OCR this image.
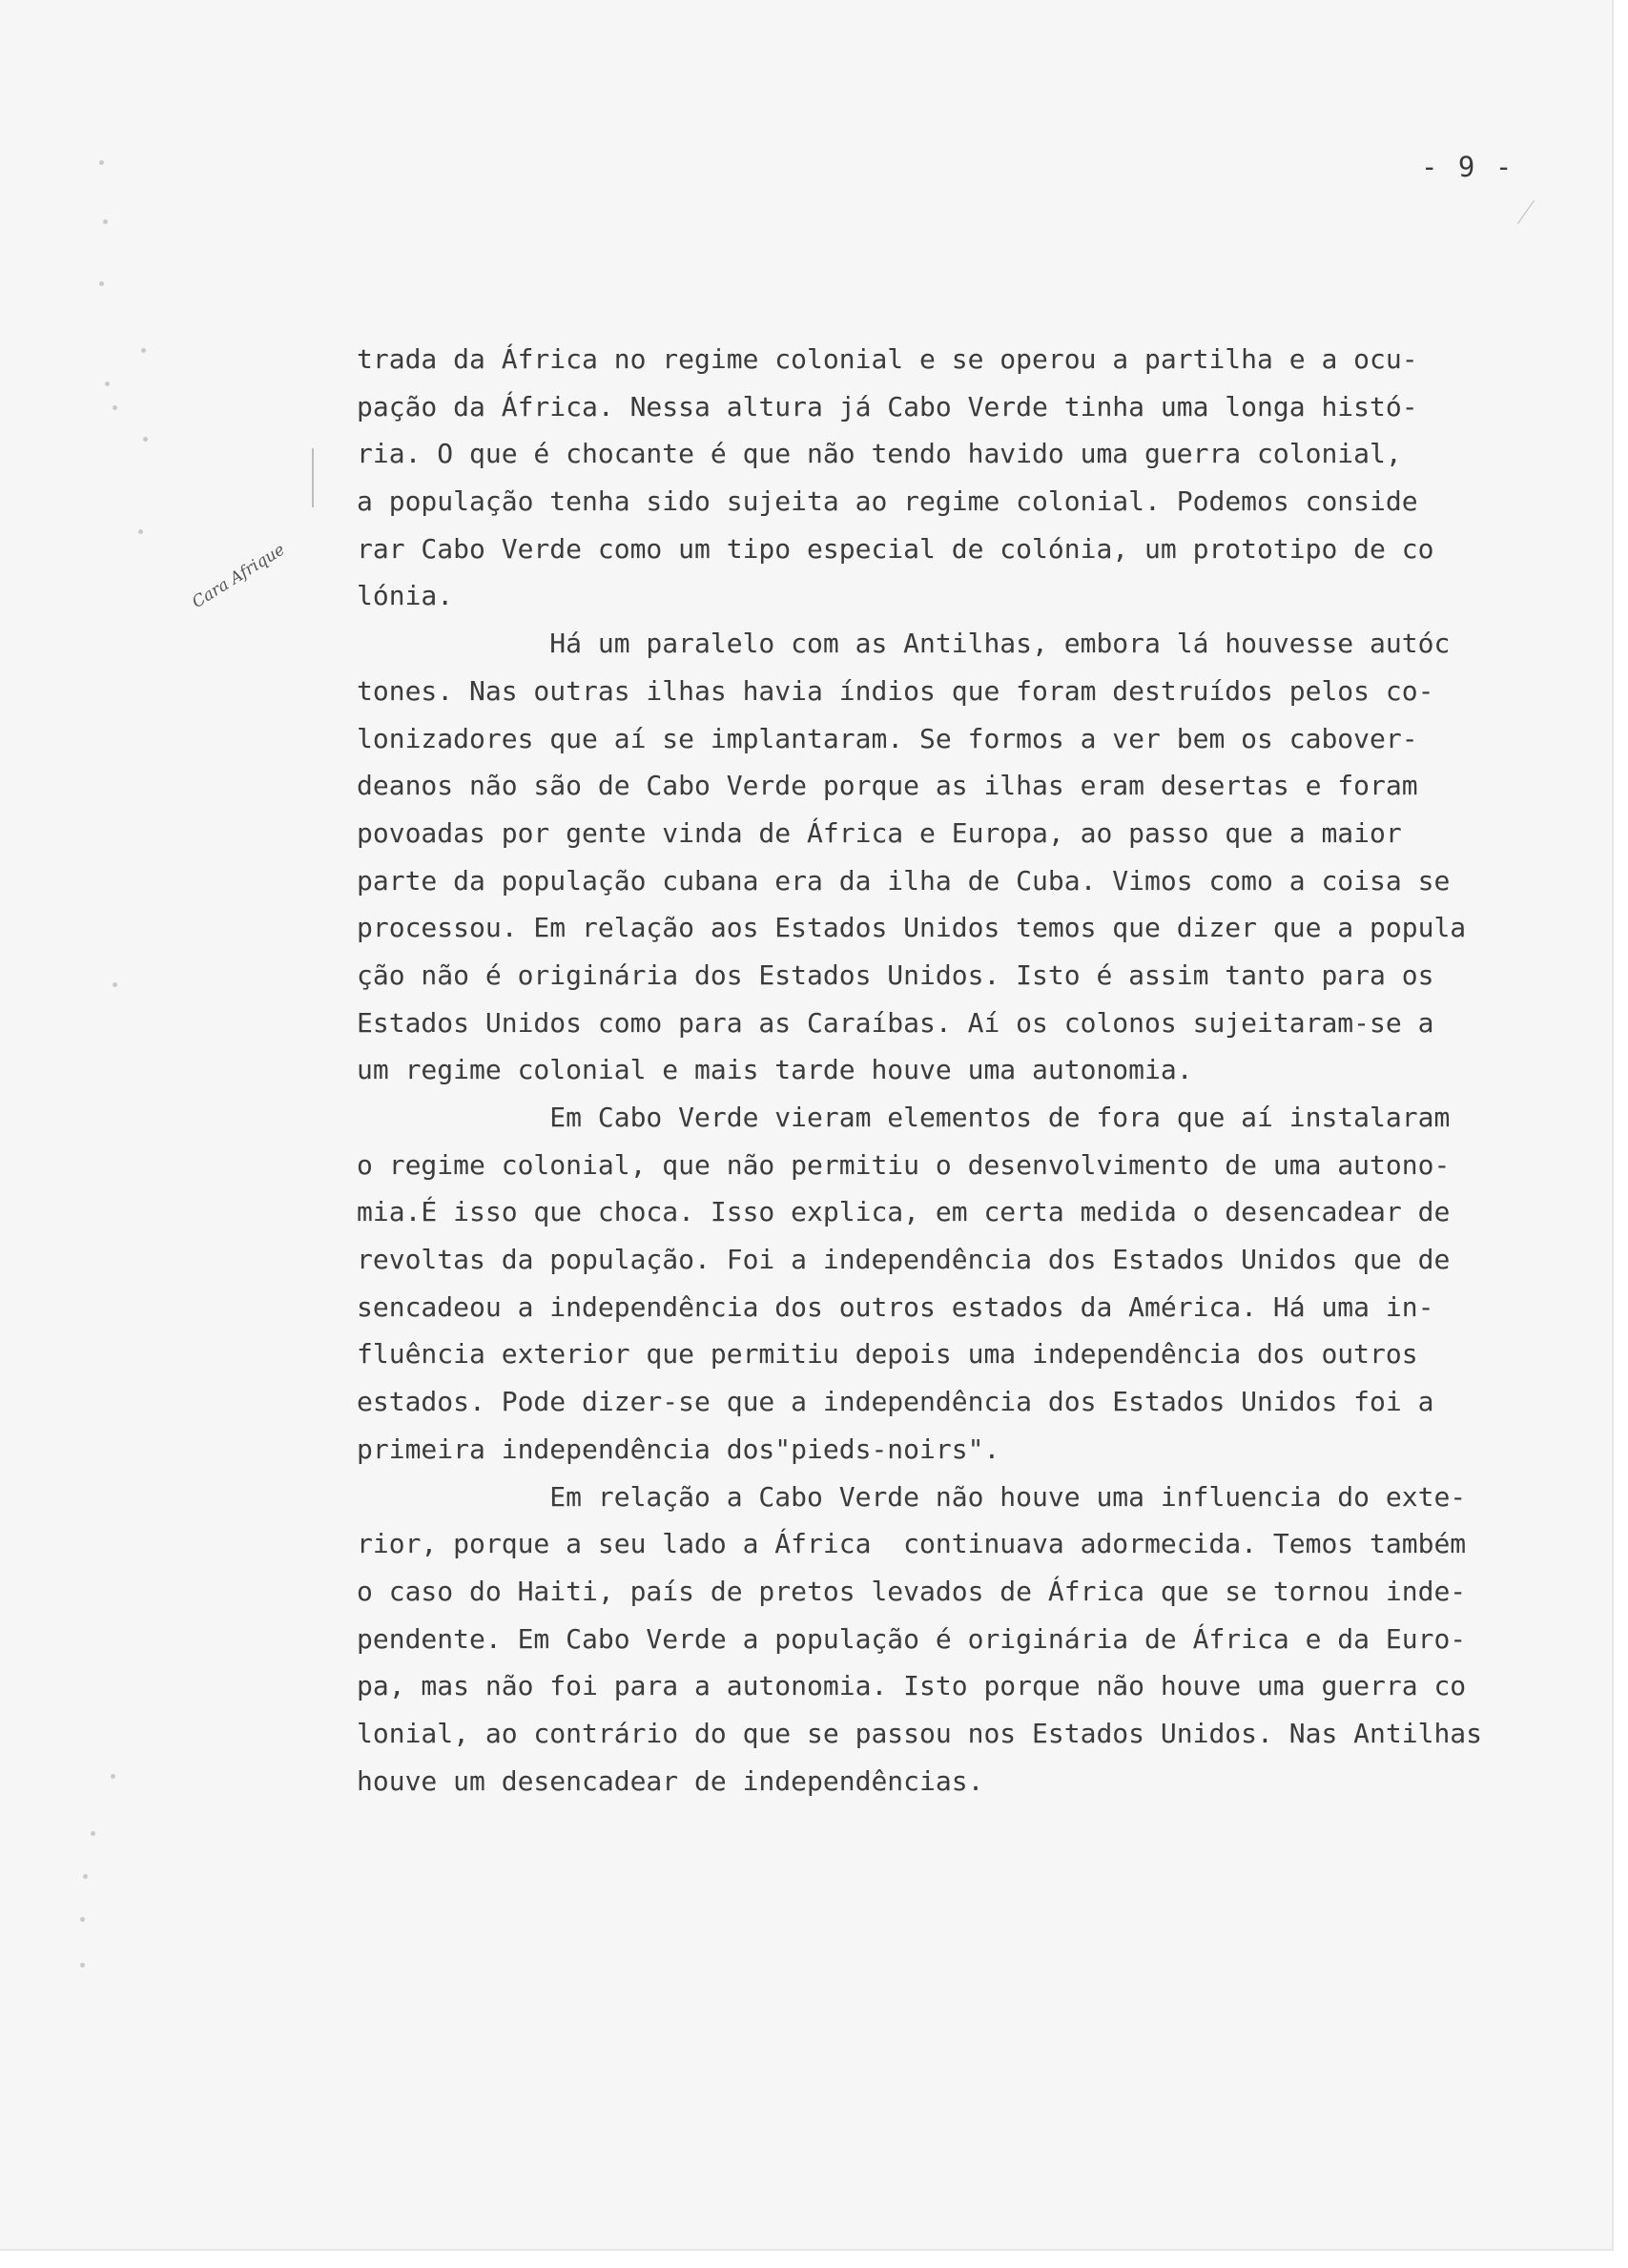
- 9 -
Cara Afrique
trada da África no regime colonial e se operou a partilha e a ocu-
pação da África. Nessa altura já Cabo Verde tinha uma longa histó-
ria. O que é chocante é que não tendo havido uma guerra colonial,
a população tenha sido sujeita ao regime colonial. Podemos conside
rar Cabo Verde como um tipo especial de colónia, um prototipo de co
lónia.
Há um paralelo com as Antilhas, embora lá houvesse autóc
tones. Nas outras ilhas havia índios que foram destruídos pelos co-
lonizadores que aí se implantaram. Se formos a ver bem os cabover-
deanos não são de Cabo Verde porque as ilhas eram desertas e foram
povoadas por gente vinda de África e Europa, ao passo que a maior
parte da população cubana era da ilha de Cuba. Vimos como a coisa se
processou. Em relação aos Estados Unidos temos que dizer que a popula
ção não é originária dos Estados Unidos. Isto é assim tanto para os
Estados Unidos como para as Caraíbas. Aí os colonos sujeitaram-se a
um regime colonial e mais tarde houve uma autonomia.
Em Cabo Verde vieram elementos de fora que aí instalaram
o regime colonial, que não permitiu o desenvolvimento de uma autono-
mia.É isso que choca. Isso explica, em certa medida o desencadear de
revoltas da população. Foi a independência dos Estados Unidos que de
sencadeou a independência dos outros estados da América. Há uma in-
fluência exterior que permitiu depois uma independência dos outros
estados. Pode dizer-se que a independência dos Estados Unidos foi a
primeira independência dos"pieds-noirs".
Em relação a Cabo Verde não houve uma influencia do exte-
rior, porque a seu lado a África  continuava adormecida. Temos também
o caso do Haiti, país de pretos levados de África que se tornou inde-
pendente. Em Cabo Verde a população é originária de África e da Euro-
pa, mas não foi para a autonomia. Isto porque não houve uma guerra co
lonial, ao contrário do que se passou nos Estados Unidos. Nas Antilhas
houve um desencadear de independências.
